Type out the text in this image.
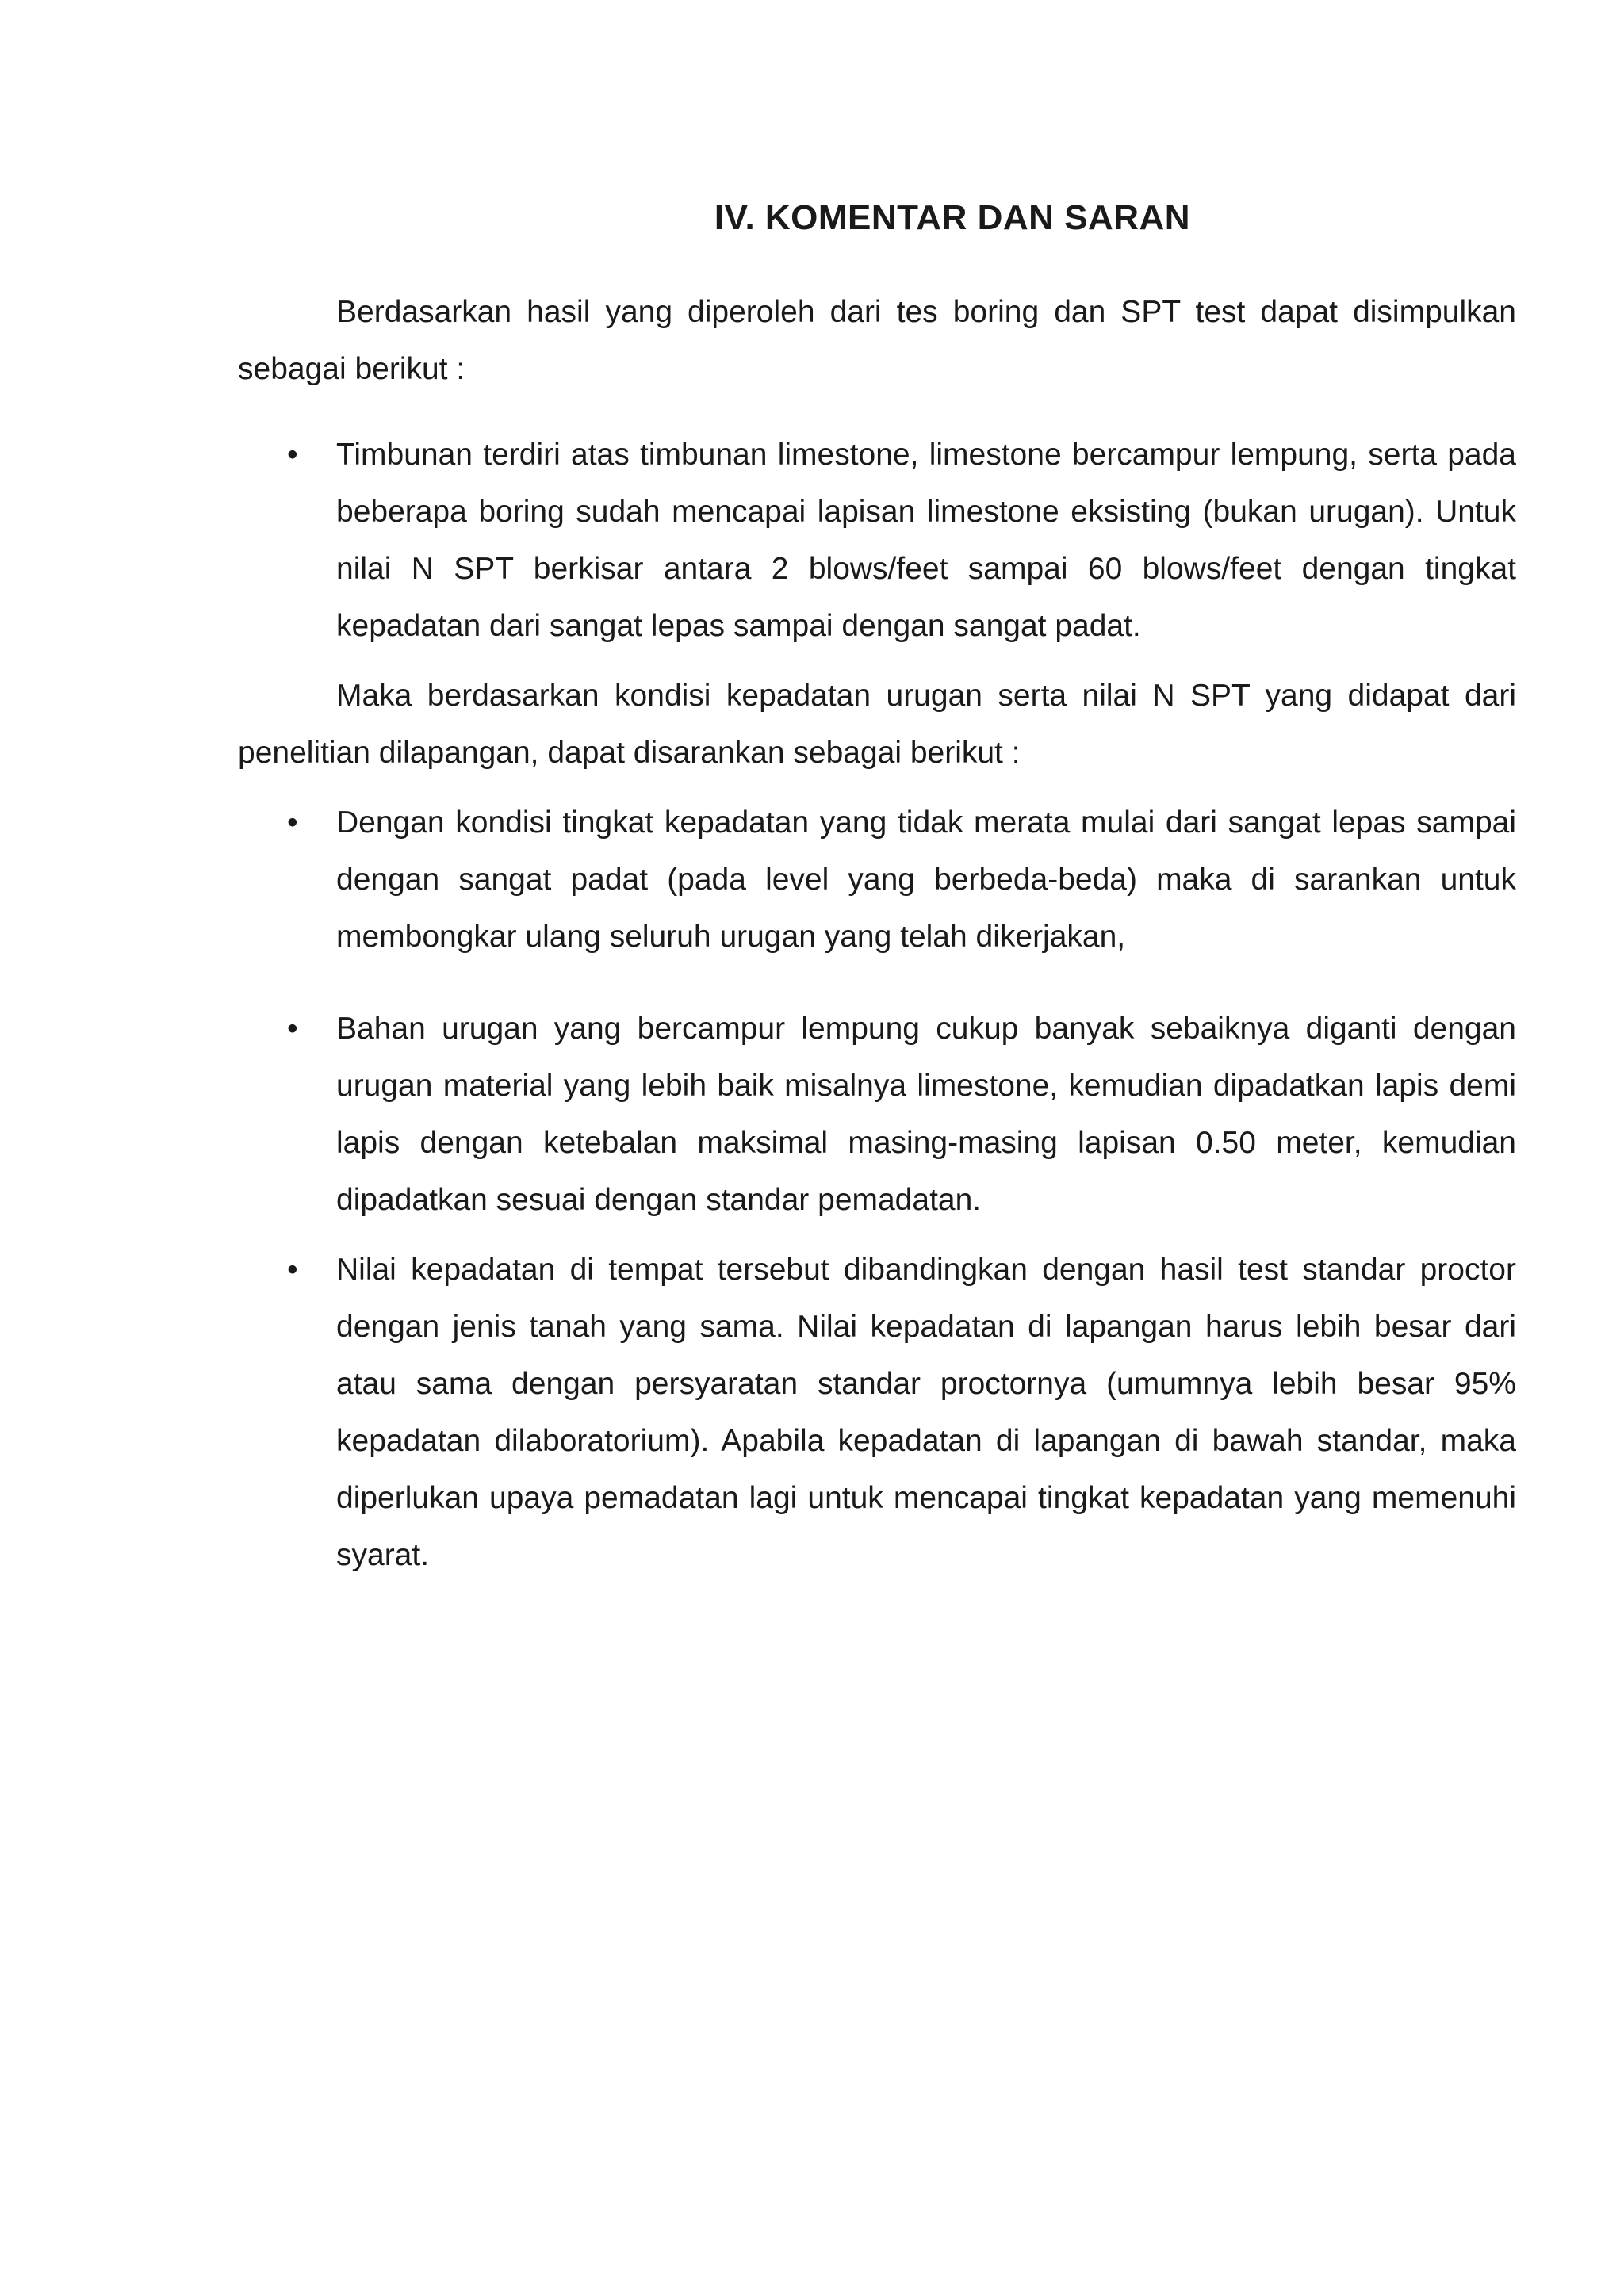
IV. KOMENTAR DAN SARAN

Berdasarkan hasil yang diperoleh dari tes boring dan SPT test dapat disimpulkan sebagai berikut :

•	Timbunan terdiri atas timbunan limestone, limestone bercampur lempung, serta pada beberapa boring sudah mencapai lapisan limestone eksisting (bukan urugan). Untuk nilai N SPT berkisar antara 2 blows/feet sampai 60 blows/feet dengan tingkat kepadatan dari sangat lepas sampai dengan sangat padat.

Maka berdasarkan kondisi kepadatan urugan serta nilai N SPT yang didapat dari penelitian dilapangan, dapat disarankan sebagai berikut :

•	Dengan kondisi tingkat kepadatan yang tidak merata mulai dari sangat lepas sampai dengan sangat padat (pada level yang berbeda-beda) maka di sarankan untuk membongkar ulang seluruh urugan yang telah dikerjakan,
•	Bahan urugan yang bercampur lempung cukup banyak sebaiknya diganti dengan urugan material yang lebih baik misalnya limestone, kemudian dipadatkan lapis demi lapis dengan ketebalan maksimal masing-masing lapisan 0.50 meter, kemudian dipadatkan sesuai dengan standar pemadatan.
•	Nilai kepadatan di tempat tersebut dibandingkan dengan hasil test standar proctor dengan jenis tanah yang sama. Nilai kepadatan di lapangan harus lebih besar dari atau sama dengan persyaratan standar proctornya (umumnya lebih besar 95% kepadatan dilaboratorium). Apabila kepadatan di lapangan di bawah standar, maka diperlukan upaya pemadatan lagi untuk mencapai tingkat kepadatan yang memenuhi syarat.
